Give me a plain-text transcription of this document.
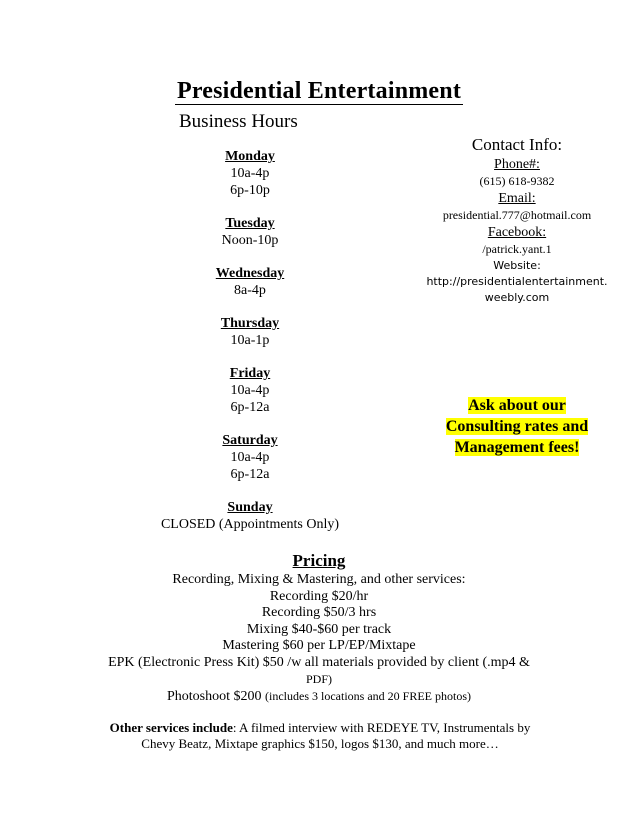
Presidential Entertainment
Business Hours
Monday
10a-4p
6p-10p
Tuesday
Noon-10p
Wednesday
8a-4p
Thursday
10a-1p
Friday
10a-4p
6p-12a
Saturday
10a-4p
6p-12a
Sunday
CLOSED (Appointments Only)
Contact Info:
Phone#:
(615) 618-9382
Email:
presidential.777@hotmail.com
Facebook:
/patrick.yant.1
Website:
http://presidentialentertainment.
weebly.com
Ask about our
Consulting rates and
Management fees!
Pricing
Recording, Mixing & Mastering, and other services:
Recording $20/hr
Recording $50/3 hrs
Mixing $40-$60 per track
Mastering $60 per LP/EP/Mixtape
EPK (Electronic Press Kit) $50 /w all materials provided by client (.mp4 &
PDF)
Photoshoot $200 (includes 3 locations and 20 FREE photos)
Other services include: A filmed interview with REDEYE TV, Instrumentals by Chevy Beatz, Mixtape graphics $150, logos $130, and much more…
